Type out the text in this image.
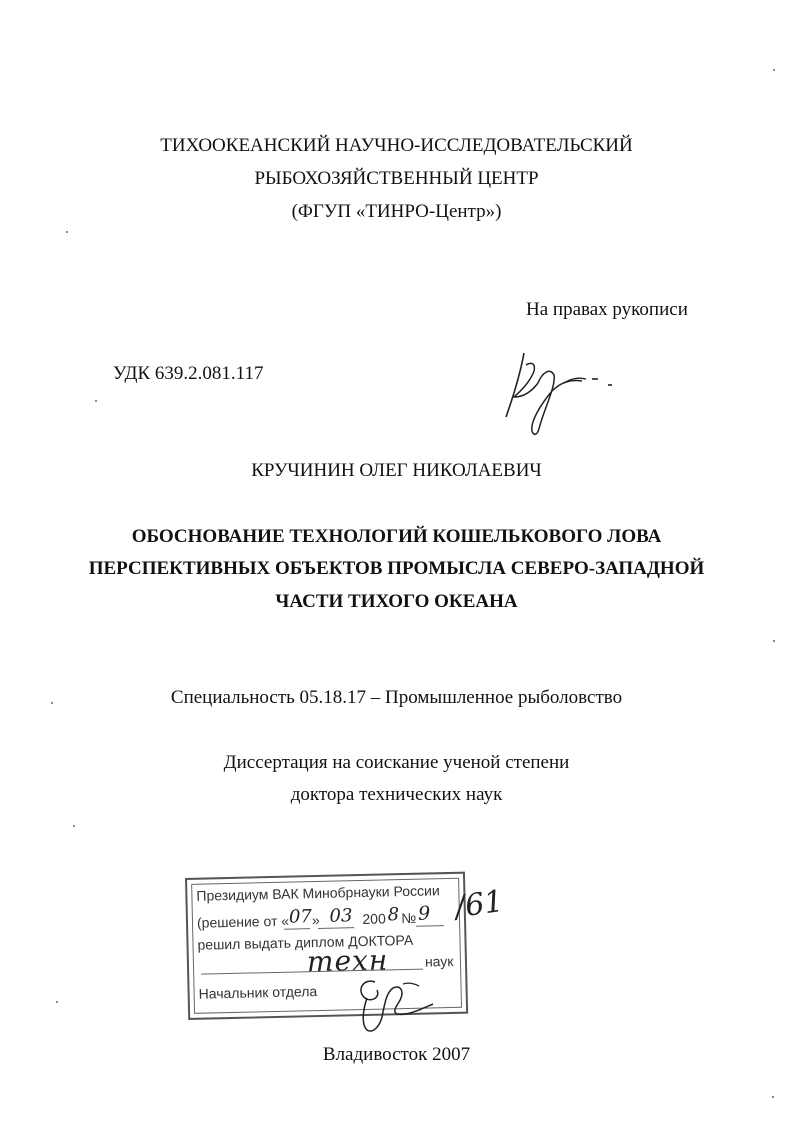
ТИХООКЕАНСКИЙ НАУЧНО-ИССЛЕДОВАТЕЛЬСКИЙ
РЫБОХОЗЯЙСТВЕННЫЙ ЦЕНТР
(ФГУП «ТИНРО-Центр»)
На правах рукописи
УДК 639.2.081.117
КРУЧИНИН ОЛЕГ НИКОЛАЕВИЧ
ОБОСНОВАНИЕ ТЕХНОЛОГИЙ КОШЕЛЬКОВОГО ЛОВА
ПЕРСПЕКТИВНЫХ ОБЪЕКТОВ ПРОМЫСЛА СЕВЕРО-ЗАПАДНОЙ
ЧАСТИ ТИХОГО ОКЕАНА
Специальность 05.18.17 – Промышленное рыболовство
Диссертация на соискание ученой степени
доктора технических наук
Президиум ВАК Минобрнауки России
(решение от «07» 03 2008 №9
решил выдать диплом ДОКТОРА
техн	наук
Начальник отдела
/61
Владивосток 2007
